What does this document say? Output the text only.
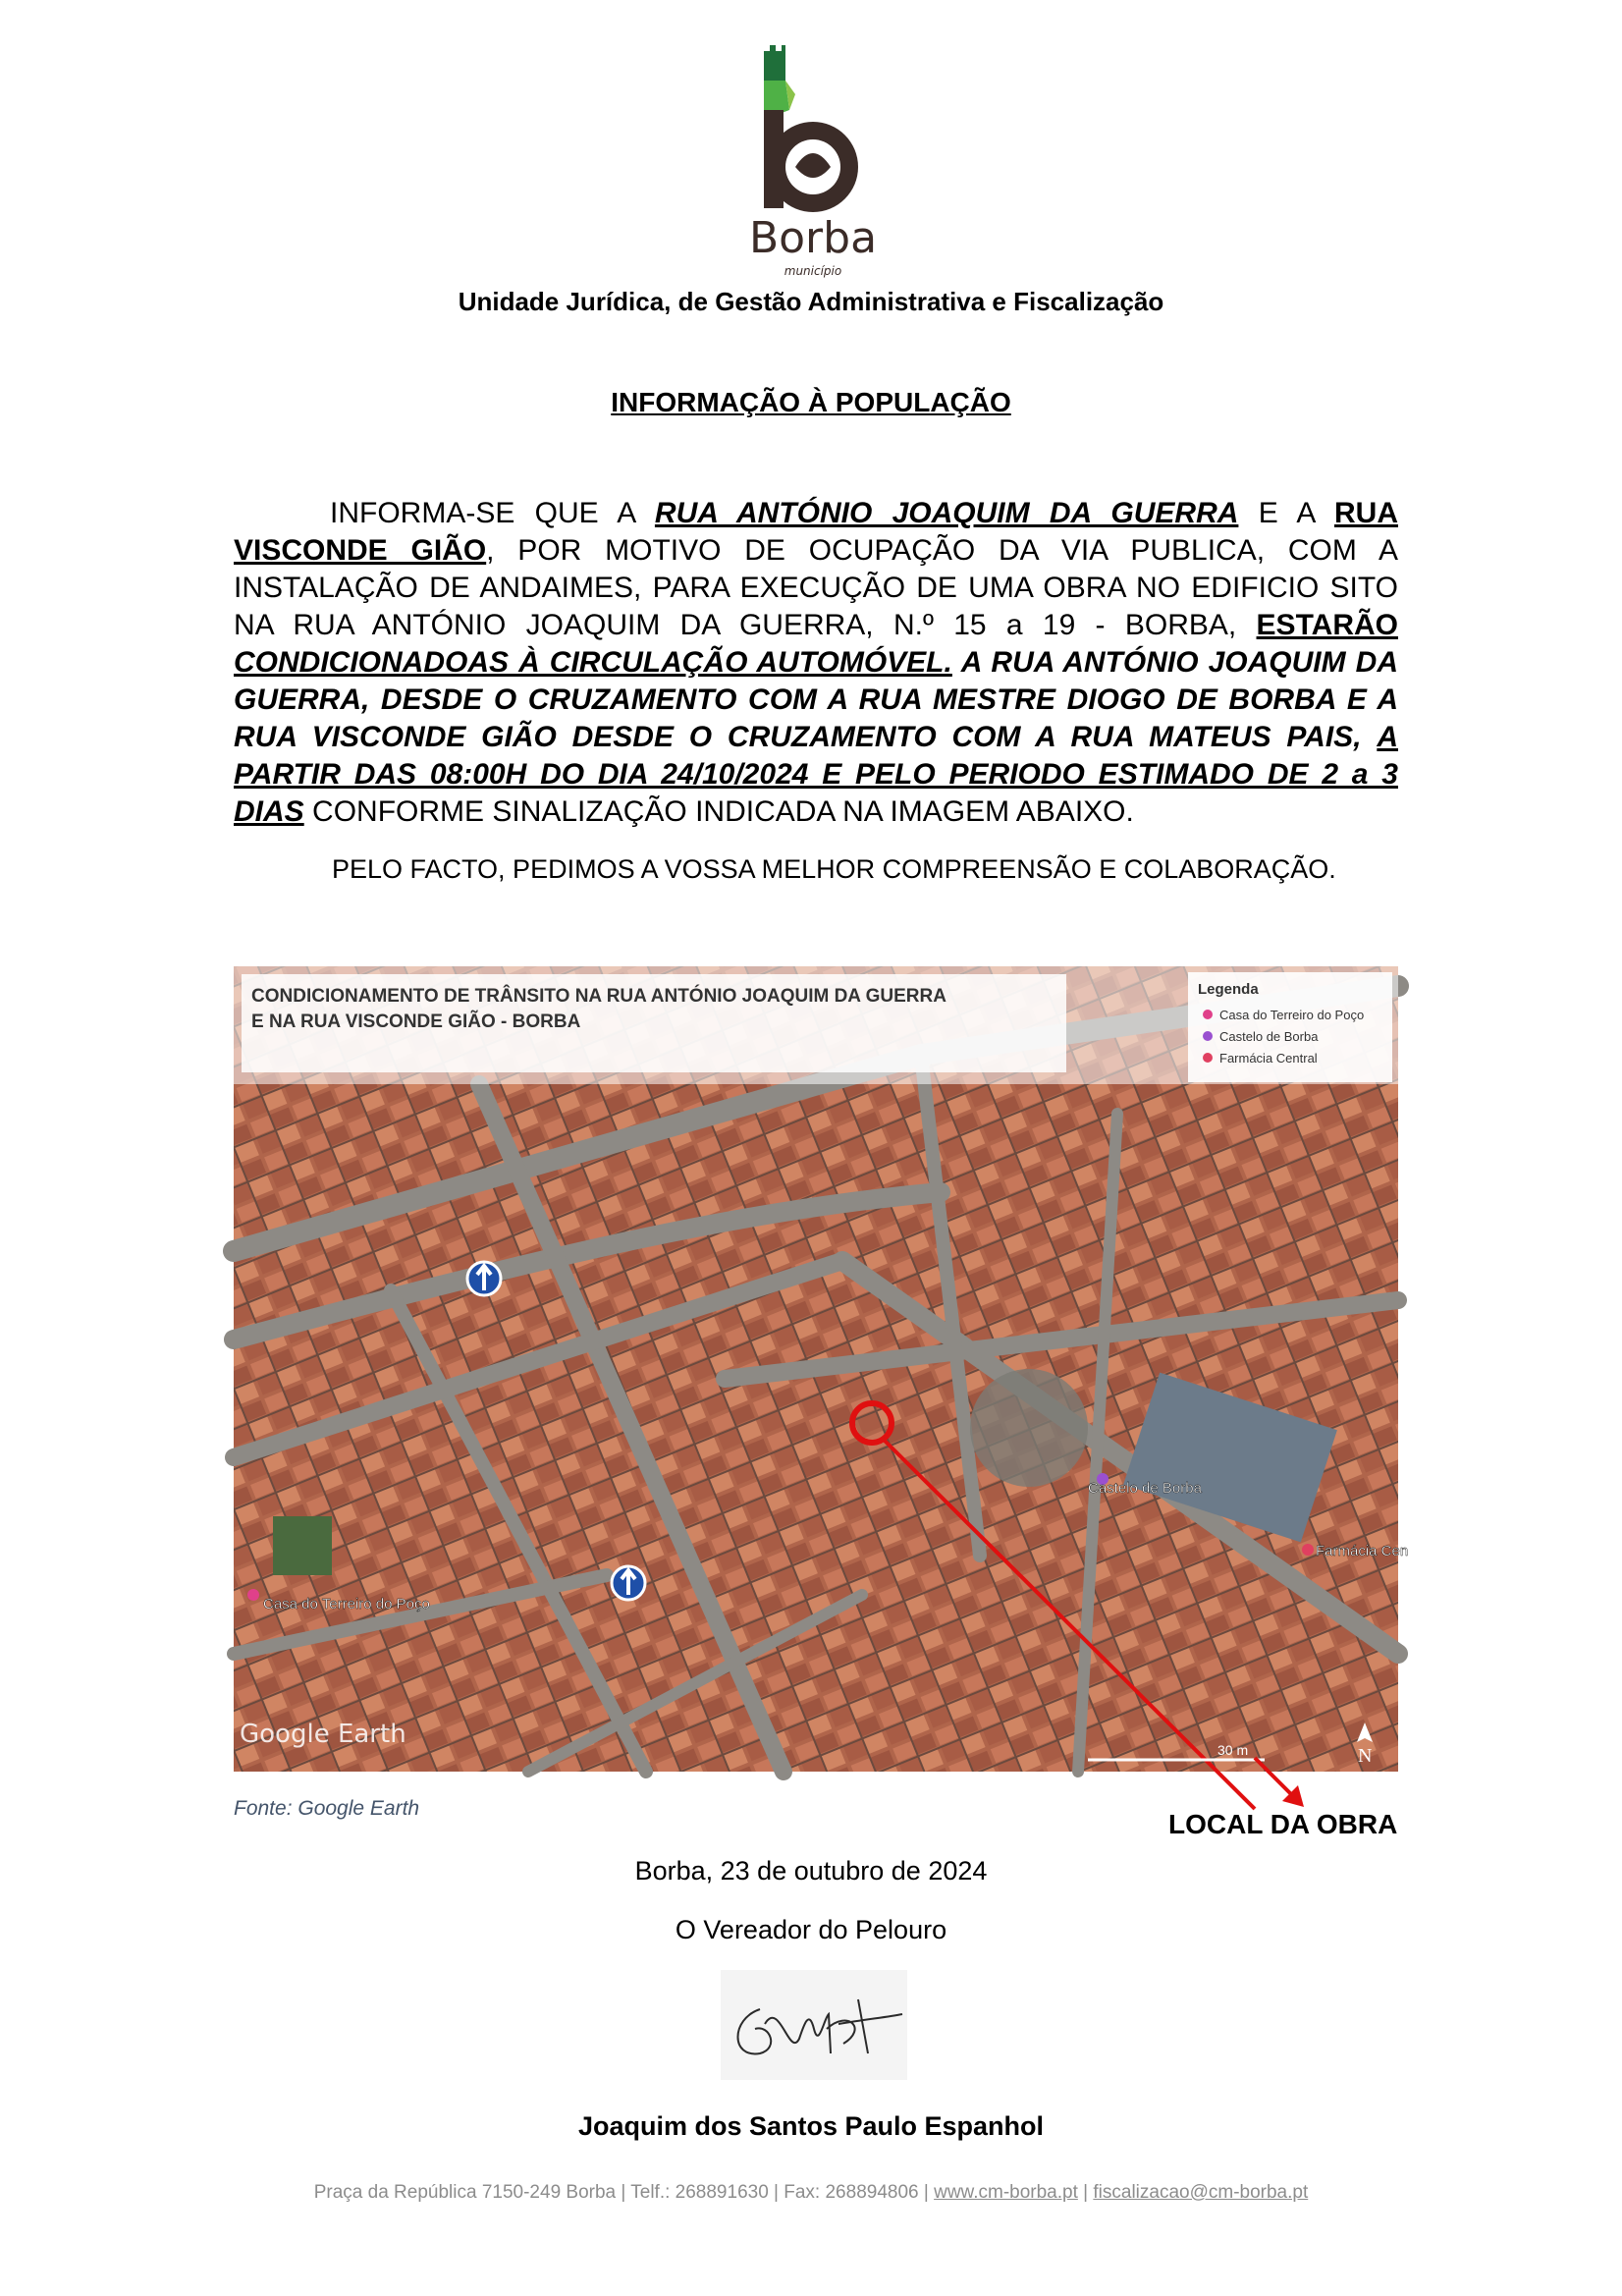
Borba
município
Unidade Jurídica, de Gestão Administrativa e Fiscalização
INFORMAÇÃO À POPULAÇÃO
INFORMA-SE QUE A RUA ANTÓNIO JOAQUIM DA GUERRA E A RUA VISCONDE GIÃO, POR MOTIVO DE OCUPAÇÃO DA VIA PUBLICA, COM A INSTALAÇÃO DE ANDAIMES, PARA EXECUÇÃO DE UMA OBRA NO EDIFICIO SITO NA RUA ANTÓNIO JOAQUIM DA GUERRA, N.º 15 a 19 - BORBA, ESTARÃO CONDICIONADOAS À CIRCULAÇÃO AUTOMÓVEL. A RUA ANTÓNIO JOAQUIM DA GUERRA, DESDE O CRUZAMENTO COM A RUA MESTRE DIOGO DE BORBA E A RUA VISCONDE GIÃO DESDE O CRUZAMENTO COM A RUA MATEUS PAIS, A PARTIR DAS 08:00H DO DIA 24/10/2024 E PELO PERIODO ESTIMADO DE 2 a 3 DIAS CONFORME SINALIZAÇÃO INDICADA NA IMAGEM ABAIXO.
PELO FACTO, PEDIMOS A VOSSA MELHOR COMPREENSÃO E COLABORAÇÃO.
CONDICIONAMENTO DE TRÂNSITO NA RUA ANTÓNIO JOAQUIM DA GUERRA
E NA RUA VISCONDE GIÃO - BORBA
Legenda
Casa do Terreiro do Poço
Castelo de Borba
Farmácia Central
Casa do Terreiro do Poço
Castelo de Borba
Farmácia Cen
Google Earth
N
30 m
Fonte: Google Earth
LOCAL DA OBRA
Borba, 23 de outubro de 2024
O Vereador do Pelouro
Joaquim dos Santos Paulo Espanhol
Praça da República 7150-249 Borba | Telf.: 268891630 | Fax: 268894806 | www.cm-borba.pt | fiscalizacao@cm-borba.pt
